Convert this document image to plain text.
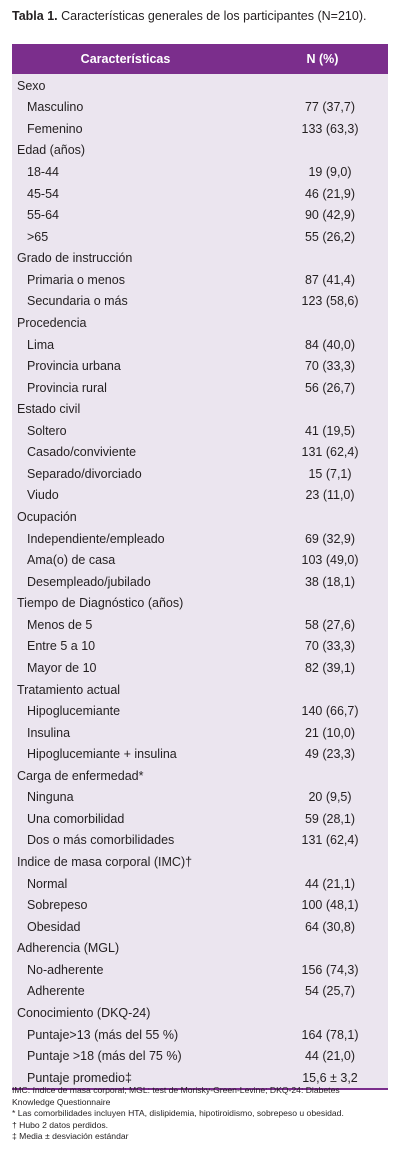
Tabla 1. Características generales de los participantes (N=210).
Características	N (%)
Sexo
Masculino	77 (37,7)
Femenino	133 (63,3)
Edad (años)
18-44	19 (9,0)
45-54	46 (21,9)
55-64	90 (42,9)
>65	55 (26,2)
Grado de instrucción
Primaria o menos	87 (41,4)
Secundaria o más	123 (58,6)
Procedencia
Lima	84 (40,0)
Provincia urbana	70 (33,3)
Provincia rural	56 (26,7)
Estado civil
Soltero	41 (19,5)
Casado/conviviente	131 (62,4)
Separado/divorciado	15 (7,1)
Viudo	23 (11,0)
Ocupación
Independiente/empleado	69 (32,9)
Ama(o) de casa	103 (49,0)
Desempleado/jubilado	38 (18,1)
Tiempo de Diagnóstico (años)
Menos de 5	58 (27,6)
Entre 5 a 10	70 (33,3)
Mayor de 10	82 (39,1)
Tratamiento actual
Hipoglucemiante	140 (66,7)
Insulina	21 (10,0)
Hipoglucemiante + insulina	49 (23,3)
Carga de enfermedad*
Ninguna	20 (9,5)
Una comorbilidad	59 (28,1)
Dos o más comorbilidades	131 (62,4)
Indice de masa corporal (IMC)†
Normal	44 (21,1)
Sobrepeso	100 (48,1)
Obesidad	64 (30,8)
Adherencia (MGL)
No-adherente	156 (74,3)
Adherente	54 (25,7)
Conocimiento (DKQ-24)
Puntaje>13 (más del 55 %)	164 (78,1)
Puntaje >18 (más del 75 %)	44 (21,0)
Puntaje promedio‡	15,6 ± 3,2
IMC: índice de masa corporal; MGL: test de Morisky-Green-Levine; DKQ-24: Diabetes
Knowledge Questionnaire
* Las comorbilidades incluyen HTA, dislipidemia, hipotiroidismo, sobrepeso u obesidad.
† Hubo 2 datos perdidos.
‡ Media ± desviación estándar
